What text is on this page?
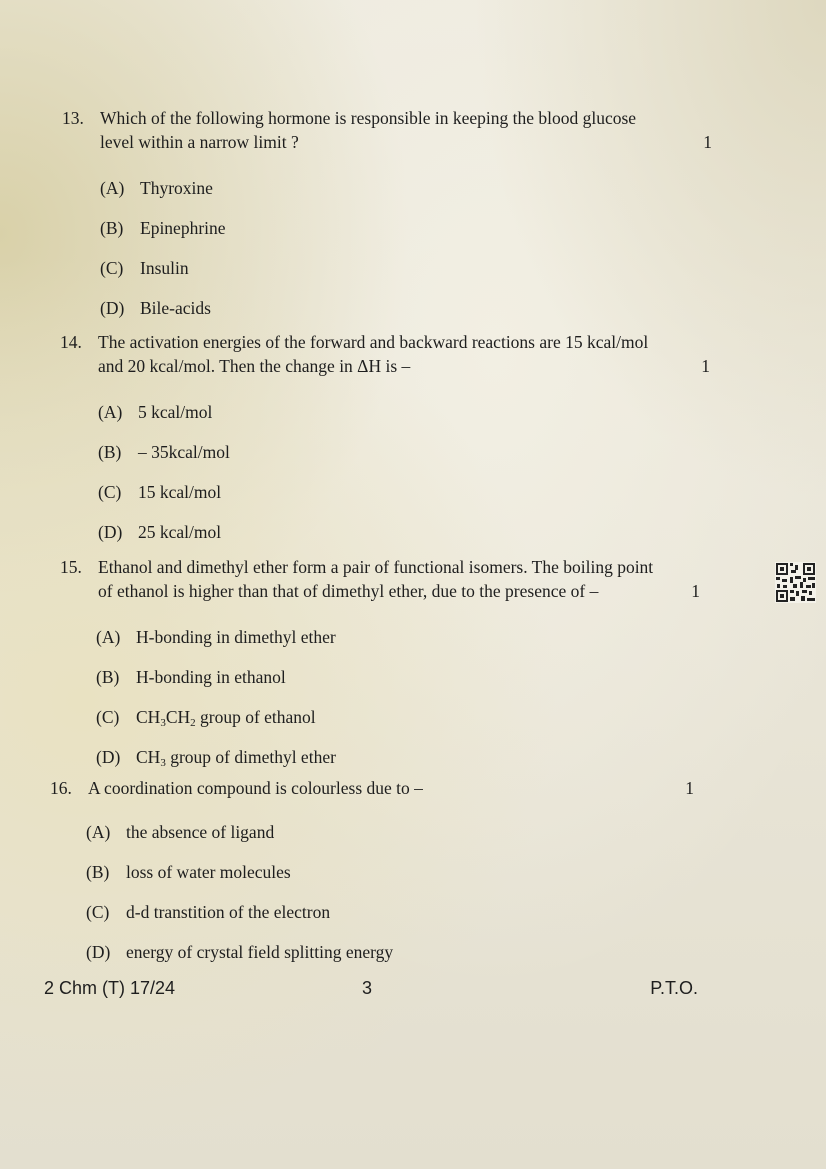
13. Which of the following hormone is responsible in keeping the blood glucose
level within a narrow limit ?	1
(A) Thyroxine
(B) Epinephrine
(C) Insulin
(D) Bile-acids
14. The activation energies of the forward and backward reactions are 15 kcal/mol
and 20 kcal/mol. Then the change in ΔH is –	1
(A) 5 kcal/mol
(B) – 35kcal/mol
(C) 15 kcal/mol
(D) 25 kcal/mol
15. Ethanol and dimethyl ether form a pair of functional isomers. The boiling point
of ethanol is higher than that of dimethyl ether, due to the presence of –	1
(A) H-bonding in dimethyl ether
(B) H-bonding in ethanol
(C) $CH_3CH_2$ group of ethanol
(D) $CH_3$ group of dimethyl ether
16. A coordination compound is colourless due to –	1
(A) the absence of ligand
(B) loss of water molecules
(C) d-d transtition of the electron
(D) energy of crystal field splitting energy
2 Chm (T) 17/24	3	P.T.O.
